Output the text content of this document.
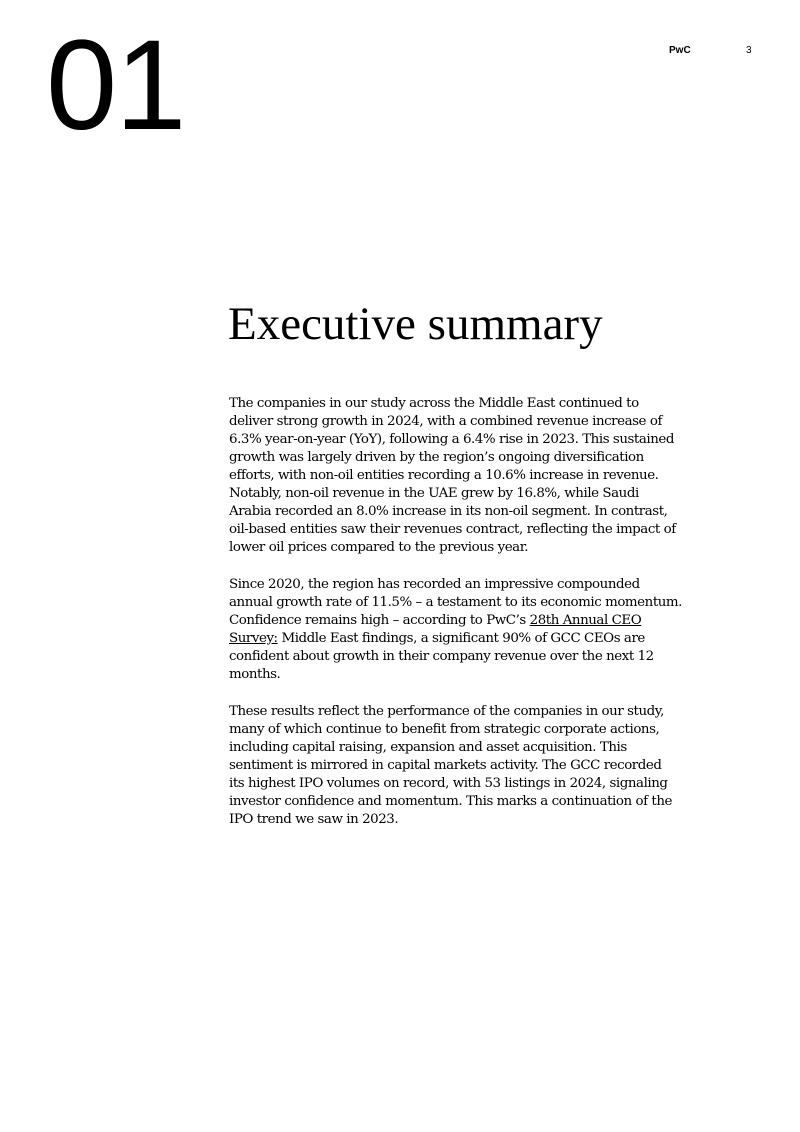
01	PwC	3
Executive summary

The companies in our study across the Middle East continued to
deliver strong growth in 2024, with a combined revenue increase of
6.3% year-on-year (YoY), following a 6.4% rise in 2023. This sustained
growth was largely driven by the region’s ongoing diversification
efforts, with non-oil entities recording a 10.6% increase in revenue.
Notably, non-oil revenue in the UAE grew by 16.8%, while Saudi
Arabia recorded an 8.0% increase in its non-oil segment. In contrast,
oil-based entities saw their revenues contract, reflecting the impact of
lower oil prices compared to the previous year.

Since 2020, the region has recorded an impressive compounded
annual growth rate of 11.5% – a testament to its economic momentum.
Confidence remains high – according to PwC’s 28th Annual CEO
Survey: Middle East findings, a significant 90% of GCC CEOs are
confident about growth in their company revenue over the next 12
months.

These results reflect the performance of the companies in our study,
many of which continue to benefit from strategic corporate actions,
including capital raising, expansion and asset acquisition. This
sentiment is mirrored in capital markets activity. The GCC recorded
its highest IPO volumes on record, with 53 listings in 2024, signaling
investor confidence and momentum. This marks a continuation of the
IPO trend we saw in 2023.
